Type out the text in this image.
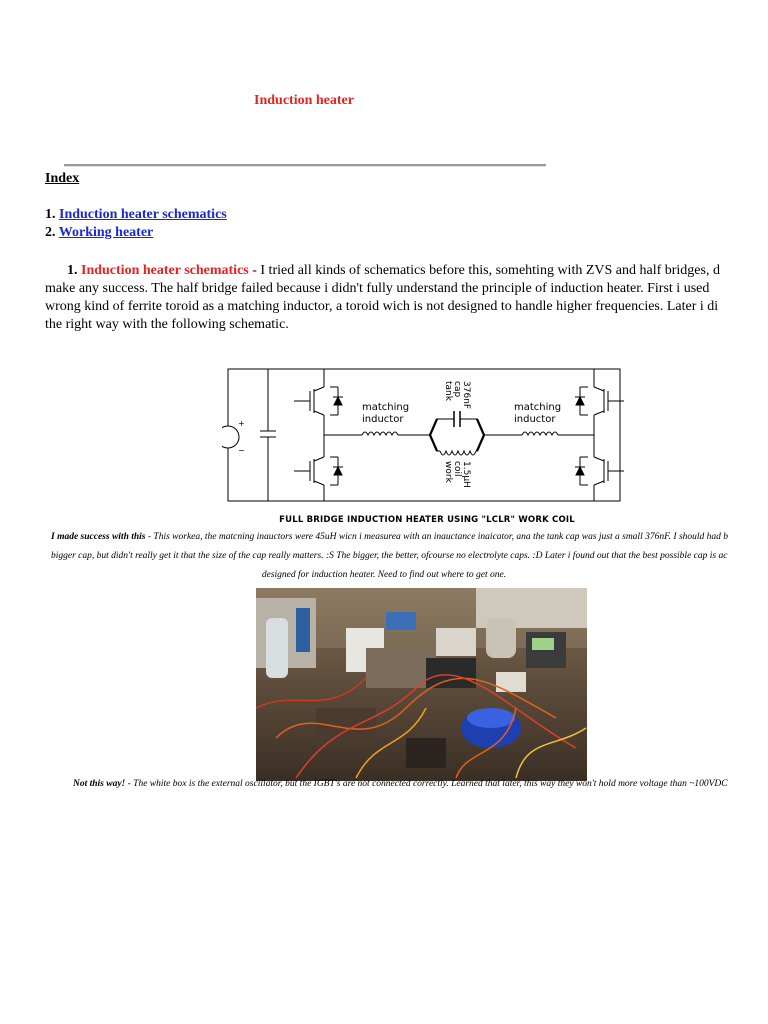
Induction heater
Index
1. Induction heater schematics
2. Working heater
1. Induction heater schematics - I tried all kinds of schematics before this, somehting with ZVS and half bridges, d
make any success. The half bridge failed because i didn't fully understand the principle of induction heater. First i used
wrong kind of ferrite toroid as a matching inductor, a toroid wich is not designed to handle higher frequencies. Later i di
the right way with the following schematic.
+
−
matching
inductor
matching
inductor
tank cap 376nF
work coil 1.5µH
FULL BRIDGE INDUCTION HEATER USING "LCLR" WORK COIL
I made success with this - This workea, the matcning inauctors were 45uH wicn i measurea with an inauctance inaicator, ana the tank cap was just a small 376nF. I should had b
bigger cap, but didn't really get it that the size of the cap really matters. :S The bigger, the better, ofcourse no electrolyte caps. :D Later i found out that the best possible cap is ac
designed for induction heater. Need to find out where to get one.
Not this way! - The white box is the external oscillator, but the IGBT's are not connected correctly. Learned that later, this way they won't hold more voltage than ~100VDC
